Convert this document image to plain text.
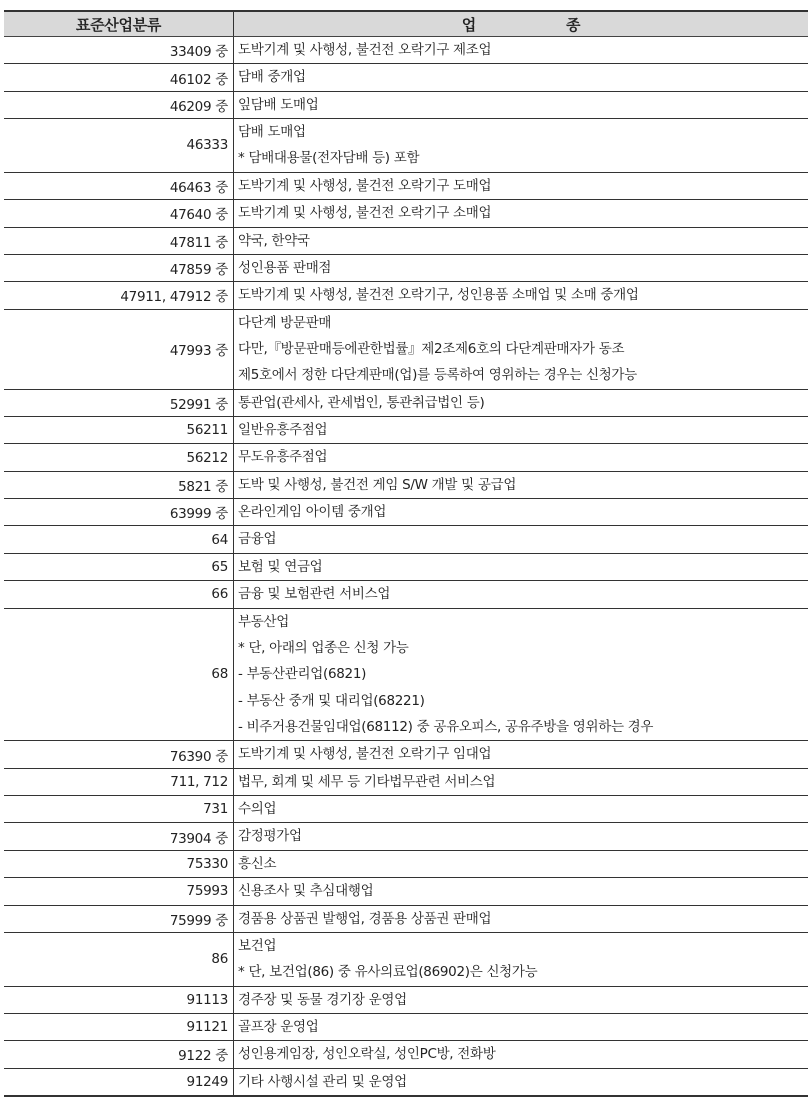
표준산업분류	업 종
33409 중	도박기계 및 사행성, 불건전 오락기구 제조업

46102 중	담배 중개업

46209 중	잎담배 도매업

46333	담배 도매업
* 담배대용물(전자담배 등) 포함

46463 중	도박기계 및 사행성, 불건전 오락기구 도매업

47640 중	도박기계 및 사행성, 불건전 오락기구 소매업

47811 중	약국, 한약국

47859 중	성인용품 판매점

47911, 47912 중	도박기계 및 사행성, 불건전 오락기구, 성인용품 소매업 및 소매 중개업

47993 중	다단계 방문판매
다만,『방문판매등에관한법률』제2조제6호의 다단계판매자가 동조
제5호에서 정한 다단계판매(업)를 등록하여 영위하는 경우는 신청가능

52991 중	통관업(관세사, 관세법인, 통관취급법인 등)

56211	일반유흥주점업

56212	무도유흥주점업

5821 중	도박 및 사행성, 불건전 게임 S/W 개발 및 공급업

63999 중	온라인게임 아이템 중개업

64	금융업

65	보험 및 연금업

66	금융 및 보험관련 서비스업

68	부동산업
* 단, 아래의 업종은 신청 가능
- 부동산관리업(6821)
- 부동산 중개 및 대리업(68221)
- 비주거용건물임대업(68112) 중 공유오피스, 공유주방을 영위하는 경우

76390 중	도박기계 및 사행성, 불건전 오락기구 임대업

711, 712	법무, 회계 및 세무 등 기타법무관련 서비스업

731	수의업

73904 중	감정평가업

75330	흥신소

75993	신용조사 및 추심대행업

75999 중	경품용 상품권 발행업, 경품용 상품권 판매업

86	보건업
* 단, 보건업(86) 중 유사의료업(86902)은 신청가능

91113	경주장 및 동물 경기장 운영업

91121	골프장 운영업

9122 중	성인용게임장, 성인오락실, 성인PC방, 전화방

91249	기타 사행시설 관리 및 운영업
